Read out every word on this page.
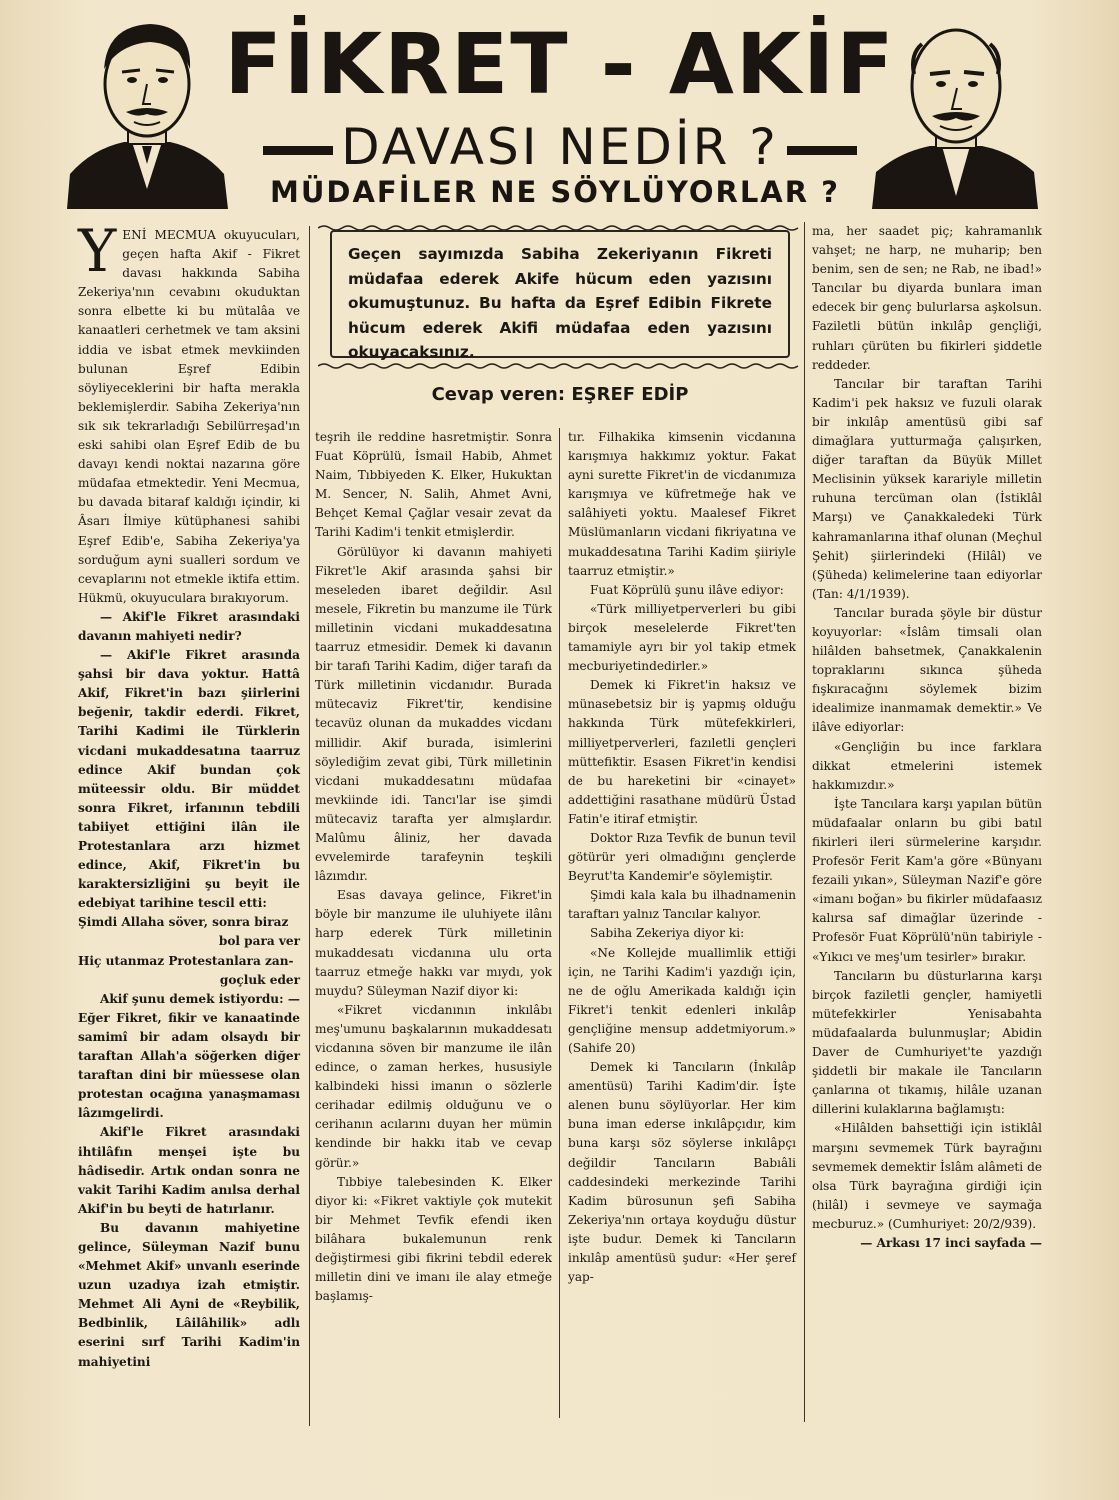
FİKRET - AKİF
DAVASI NEDİR ?
MÜDAFİLER NE SÖYLÜYORLAR ?

YENİ MECMUA okuyucuları, geçen hafta Akif - Fikret davası hakkında Sabiha Zekeriya'nın cevabını okuduktan sonra elbette ki bu mütalâa ve kanaatleri cerhetmek ve tam aksini iddia ve isbat etmek mevkiinden bulunan Eşref Edibin söyliyeceklerini bir hafta merakla beklemişlerdir. Sabiha Zekeriya'nın sık sık tekrarladığı Sebilürreşad'ın eski sahibi olan Eşref Edib de bu davayı kendi noktai nazarına göre müdafaa etmektedir. Yeni Mecmua, bu davada bitaraf kaldığı içindir, ki Âsarı İlmiye kütüphanesi sahibi Eşref Edib'e, Sabiha Zekeriya'ya sorduğum ayni sualleri sordum ve cevaplarını not etmekle iktifa ettim. Hükmü, okuyuculara bırakıyorum.

— Akif'le Fikret arasındaki davanın mahiyeti nedir?

— Akif'le Fikret arasında şahsi bir dava yoktur. Hattâ Akif, Fikret'in bazı şiirlerini beğenir, takdir ederdi. Fikret, Tarihi Kadimi ile Türklerin vicdani mukaddesatına taarruz edince Akif bundan çok müteessir oldu. Bir müddet sonra Fikret, irfanının tebdili tabiiyet ettiğini ilân ile Protestanlara arzı hizmet edince, Akif, Fikret'in bu karaktersizliğini şu beyit ile edebiyat tarihine tescil etti:

Şimdi Allaha söver, sonra biraz
bol para ver
Hiç utanmaz Protestanlara zan-
goçluk eder

Akif şunu demek istiyordu: — Eğer Fikret, fikir ve kanaatinde samimî bir adam olsaydı bir taraftan Allah'a söğerken diğer taraftan dini bir müessese olan protestan ocağına yanaşmaması lâzımgelirdi.

Akif'le Fikret arasındaki ihtilâfın menşei işte bu hâdisedir. Artık ondan sonra ne vakit Tarihi Kadim anılsa derhal Akif'in bu beyti de hatırlanır.

Bu davanın mahiyetine gelince, Süleyman Nazif bunu «Mehmet Akif» unvanlı eserinde uzun uzadıya izah etmiştir. Mehmet Ali Ayni de «Reybilik, Bedbinlik, Lâilâhilik» adlı eserini sırf Tarihi Kadim'in mahiyetini

Geçen sayımızda Sabiha Zekeriyanın Fikreti müdafaa ederek Akife hücum eden yazısını okumuştunuz. Bu hafta da Eşref Edibin Fikrete hücum ederek Akifi müdafaa eden yazısını okuyacaksınız.
Cevap veren: EŞREF EDİP

teşrih ile reddine hasretmiştir. Sonra Fuat Köprülü, İsmail Habib, Ahmet Naim, Tıbbiyeden K. Elker, Hukuktan M. Sencer, N. Salih, Ahmet Avni, Behçet Kemal Çağlar vesair zevat da Tarihi Kadim'i tenkit etmişlerdir.

Görülüyor ki davanın mahiyeti Fikret'le Akif arasında şahsi bir meseleden ibaret değildir. Asıl mesele, Fikretin bu manzume ile Türk milletinin vicdani mukaddesatına taarruz etmesidir. Demek ki davanın bir tarafı Tarihi Kadim, diğer tarafı da Türk milletinin vicdanıdır. Burada mütecaviz Fikret'tir, kendisine tecavüz olunan da mukaddes vicdanı millidir. Akif burada, isimlerini söylediğim zevat gibi, Türk milletinin vicdani mukaddesatını müdafaa mevkiinde idi. Tancı'lar ise şimdi mütecaviz tarafta yer almışlardır. Malûmu âliniz, her davada evvelemirde tarafeynin teşkili lâzımdır.

Esas davaya gelince, Fikret'in böyle bir manzume ile uluhiyete ilânı harp ederek Türk milletinin mukaddesatı vicdanına ulu orta taarruz etmeğe hakkı var mıydı, yok muydu? Süleyman Nazif diyor ki:

«Fikret vicdanının inkılâbı meş'umunu başkalarının mukaddesatı vicdanına söven bir manzume ile ilân edince, o zaman herkes, hususiyle kalbindeki hissi imanın o sözlerle cerihadar edilmiş olduğunu ve o cerihanın acılarını duyan her mümin kendinde bir hakkı itab ve cevap görür.»

Tıbbiye talebesinden K. Elker diyor ki: «Fikret vaktiyle çok mutekit bir Mehmet Tevfik efendi iken bilâhara bukalemunun renk değiştirmesi gibi fikrini tebdil ederek milletin dini ve imanı ile alay etmeğe başlamış-

tır. Filhakika kimsenin vicdanına karışmıya hakkımız yoktur. Fakat ayni surette Fikret'in de vicdanımıza karışmıya ve küfretmeğe hak ve salâhiyeti yoktu. Maalesef Fikret Müslümanların vicdani fikriyatına ve mukaddesatına Tarihi Kadim şiiriyle taarruz etmiştir.»

Fuat Köprülü şunu ilâve ediyor:

«Türk milliyetperverleri bu gibi birçok meselelerde Fikret'ten tamamiyle ayrı bir yol takip etmek mecburiyetindedirler.»

Demek ki Fikret'in haksız ve münasebetsiz bir iş yapmış olduğu hakkında Türk mütefekkirleri, milliyetperverleri, fazıletli gençleri müttefiktir. Esasen Fikret'in kendisi de bu hareketini bir «cinayet» addettiğini rasathane müdürü Üstad Fatin'e itiraf etmiştir.

Doktor Rıza Tevfik de bunun tevil götürür yeri olmadığını gençlerde Beyrut'ta Kandemir'e söylemiştir.

Şimdi kala kala bu ilhadnamenin taraftarı yalnız Tancılar kalıyor.

Sabiha Zekeriya diyor ki:

«Ne Kollejde muallimlik ettiği için, ne Tarihi Kadim'i yazdığı için, ne de oğlu Amerikada kaldığı için Fikret'i tenkit edenleri inkılâp gençliğine mensup addetmiyorum.» (Sahife 20)

Demek ki Tancıların (İnkılâp amentüsü) Tarihi Kadim'dir. İşte alenen bunu söylüyorlar. Her kim buna iman ederse inkılâpçıdır, kim buna karşı söz söylerse inkılâpçı değildir Tancıların Babıâli caddesindeki merkezinde Tarihi Kadim bürosunun şefi Sabiha Zekeriya'nın ortaya koyduğu düstur işte budur. Demek ki Tancıların inkılâp amentüsü şudur: «Her şeref yap-

ma, her saadet piç; kahramanlık vahşet; ne harp, ne muharip; ben benim, sen de sen; ne Rab, ne ibad!» Tancılar bu diyarda bunlara iman edecek bir genç bulurlarsa aşkolsun. Faziletli bütün inkılâp gençliği, ruhları çürüten bu fikirleri şiddetle reddeder.

Tancılar bir taraftan Tarihi Kadim'i pek haksız ve fuzuli olarak bir inkılâp amentüsü gibi saf dimağlara yutturmağa çalışırken, diğer taraftan da Büyük Millet Meclisinin yüksek karariyle milletin ruhuna tercüman olan (İstiklâl Marşı) ve Çanakkaledeki Türk kahramanlarına ithaf olunan (Meçhul Şehit) şiirlerindeki (Hilâl) ve (Şüheda) kelimelerine taan ediyorlar (Tan: 4/1/1939).

Tancılar burada şöyle bir düstur koyuyorlar: «İslâm timsali olan hilâlden bahsetmek, Çanakkalenin topraklarını sıkınca şüheda fışkıracağını söylemek bizim idealimize inanmamak demektir.» Ve ilâve ediyorlar:

«Gençliğin bu ince farklara dikkat etmelerini istemek hakkımızdır.»

İşte Tancılara karşı yapılan bütün müdafaalar onların bu gibi batıl fikirleri ileri sürmelerine karşıdır. Profesör Ferit Kam'a göre «Bünyanı fezaili yıkan», Süleyman Nazif'e göre «imanı boğan» bu fikirler müdafaasız kalırsa saf dimağlar üzerinde - Profesör Fuat Köprülü'nün tabiriyle - «Yıkıcı ve meş'um tesirler» bırakır.

Tancıların bu düsturlarına karşı birçok faziletli gençler, hamiyetli mütefekkirler Yenisabahta müdafaalarda bulunmuşlar; Abidin Daver de Cumhuriyet'te yazdığı şiddetli bir makale ile Tancıların çanlarına ot tıkamış, hilâle uzanan dillerini kulaklarına bağlamıştı:

«Hilâlden bahsettiği için istiklâl marşını sevmemek Türk bayrağını sevmemek demektir İslâm alâmeti de olsa Türk bayrağına girdiği için (hilâl) i sevmeye ve saymağa mecburuz.» (Cumhuriyet: 20/2/939).

— Arkası 17 inci sayfada —
